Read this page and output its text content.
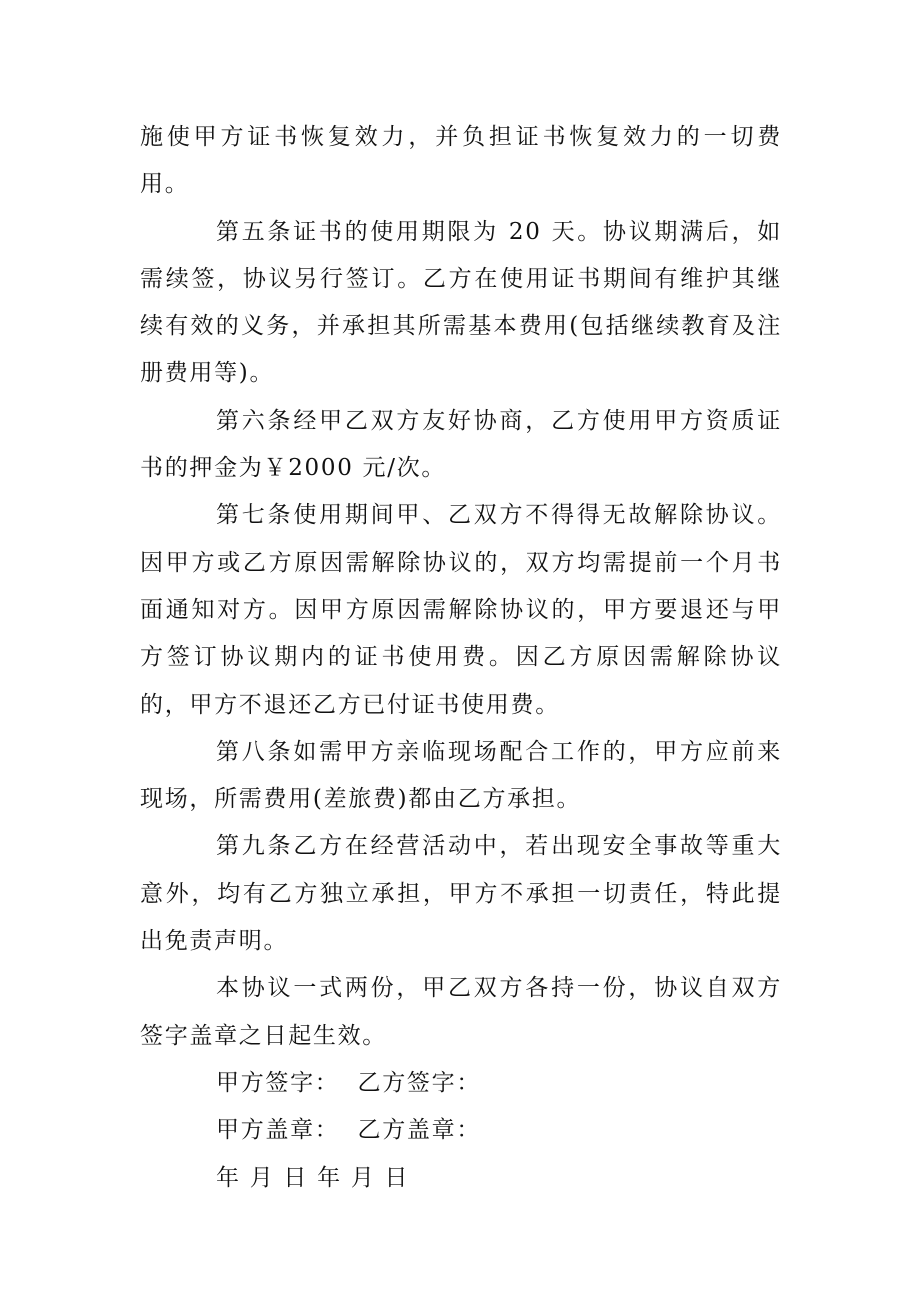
施使甲方证书恢复效力，并负担证书恢复效力的一切费用。

第五条证书的使用期限为 20 天。协议期满后，如需续签，协议另行签订。乙方在使用证书期间有维护其继续有效的义务，并承担其所需基本费用(包括继续教育及注册费用等)。

第六条经甲乙双方友好协商，乙方使用甲方资质证书的押金为￥2000 元/次。

第七条使用期间甲、乙双方不得得无故解除协议。因甲方或乙方原因需解除协议的，双方均需提前一个月书面通知对方。因甲方原因需解除协议的，甲方要退还与甲方签订协议期内的证书使用费。因乙方原因需解除协议的，甲方不退还乙方已付证书使用费。

第八条如需甲方亲临现场配合工作的，甲方应前来现场，所需费用(差旅费)都由乙方承担。

第九条乙方在经营活动中，若出现安全事故等重大意外，均有乙方独立承担，甲方不承担一切责任，特此提出免责声明。

本协议一式两份，甲乙双方各持一份，协议自双方签字盖章之日起生效。

甲方签字：  乙方签字：

甲方盖章：  乙方盖章：

年 月 日 年 月 日
